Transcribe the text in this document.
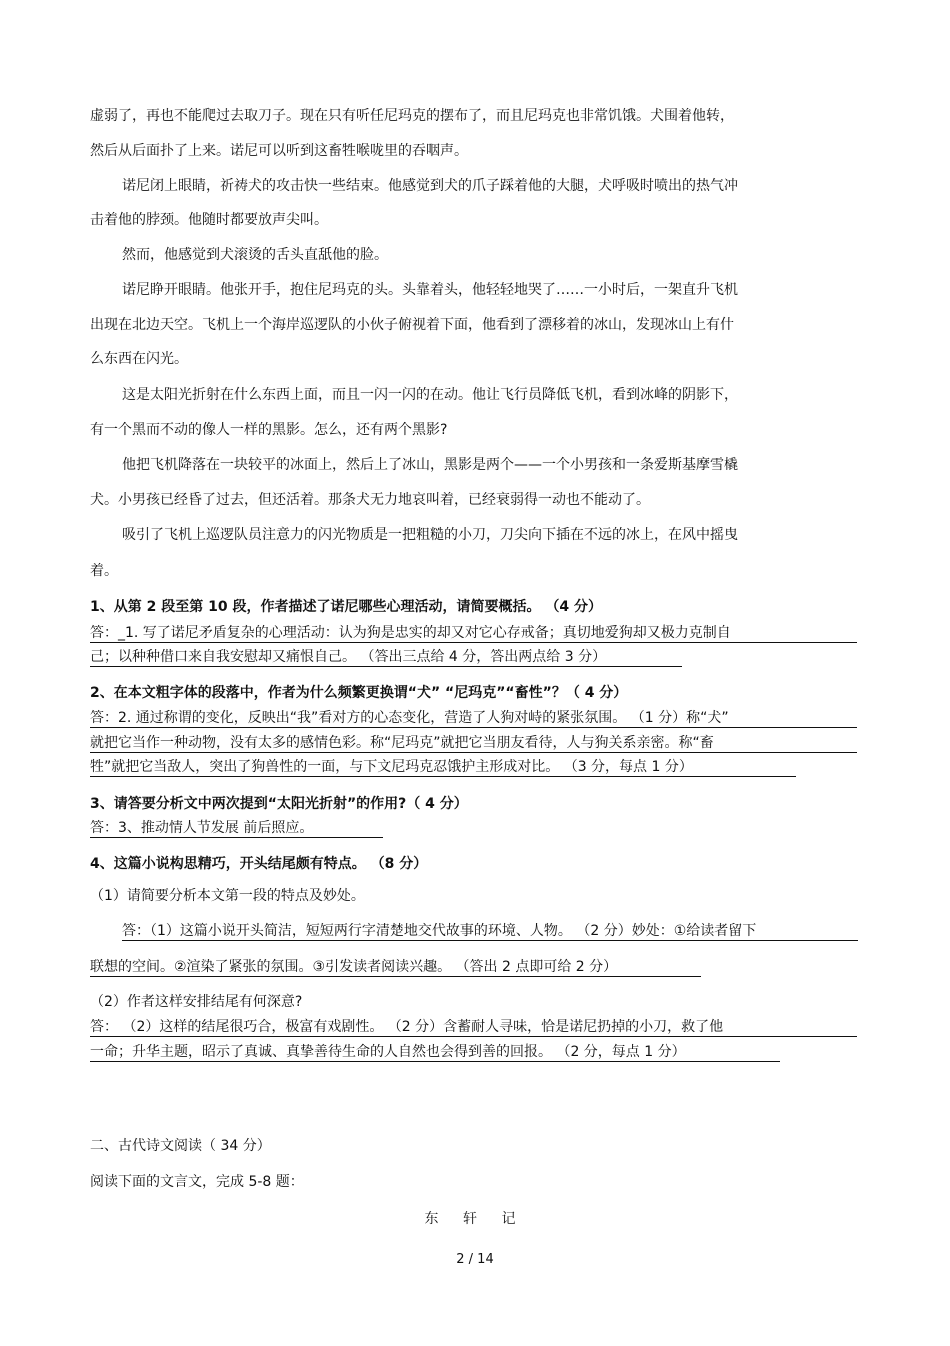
虚弱了，再也不能爬过去取刀子。现在只有听任尼玛克的摆布了，而且尼玛克也非常饥饿。犬围着他转，
然后从后面扑了上来。诺尼可以听到这畜牲喉咙里的吞咽声。
诺尼闭上眼睛，祈祷犬的攻击快一些结束。他感觉到犬的爪子踩着他的大腿，犬呼吸时喷出的热气冲
击着他的脖颈。他随时都要放声尖叫。
然而，他感觉到犬滚烫的舌头直舐他的脸。
诺尼睁开眼睛。他张开手，抱住尼玛克的头。头靠着头，他轻轻地哭了……一小时后，一架直升飞机
出现在北边天空。飞机上一个海岸巡逻队的小伙子俯视着下面，他看到了漂移着的冰山，发现冰山上有什
么东西在闪光。
这是太阳光折射在什么东西上面，而且一闪一闪的在动。他让飞行员降低飞机，看到冰峰的阴影下，
有一个黑而不动的像人一样的黑影。怎么，还有两个黑影?
他把飞机降落在一块较平的冰面上，然后上了冰山，黑影是两个——一个小男孩和一条爱斯基摩雪橇
犬。小男孩已经昏了过去，但还活着。那条犬无力地哀叫着，已经衰弱得一动也不能动了。
吸引了飞机上巡逻队员注意力的闪光物质是一把粗糙的小刀，刀尖向下插在不远的冰上，在风中摇曳
着。
1、从第 2 段至第 10 段，作者描述了诺尼哪些心理活动，请简要概括。 （4 分）
答：_1. 写了诺尼矛盾复杂的心理活动：认为狗是忠实的却又对它心存戒备；真切地爱狗却又极力克制自
己；以种种借口来自我安慰却又痛恨自己。 （答出三点给 4 分，答出两点给 3 分）
2、在本文粗字体的段落中，作者为什么频繁更换谓“犬” “尼玛克”“畜性”？（ 4 分）
答：2. 通过称谓的变化，反映出“我”看对方的心态变化，营造了人狗对峙的紧张氛围。 （1 分）称“犬”
就把它当作一种动物，没有太多的感情色彩。称“尼玛克”就把它当朋友看待，人与狗关系亲密。称“畜
牲”就把它当敌人，突出了狗兽性的一面，与下文尼玛克忍饿护主形成对比。 （3 分，每点 1 分）
3、请答要分析文中两次提到“太阳光折射”的作用?（ 4 分）
答：3、推动情人节发展 前后照应。
4、这篇小说构思精巧，开头结尾颇有特点。 （8 分）
（1）请简要分析本文第一段的特点及妙处。
答：（1）这篇小说开头简洁，短短两行字清楚地交代故事的环境、人物。 （2 分）妙处：①给读者留下
联想的空间。②渲染了紧张的氛围。③引发读者阅读兴趣。 （答出 2 点即可给 2 分）
（2）作者这样安排结尾有何深意?
答： （2）这样的结尾很巧合，极富有戏剧性。 （2 分）含蓄耐人寻味，恰是诺尼扔掉的小刀，救了他
一命；升华主题，昭示了真诚、真挚善待生命的人自然也会得到善的回报。 （2 分，每点 1 分）
二、古代诗文阅读（ 34 分）
阅读下面的文言文，完成 5-8 题：
东 轩 记
2 / 14
